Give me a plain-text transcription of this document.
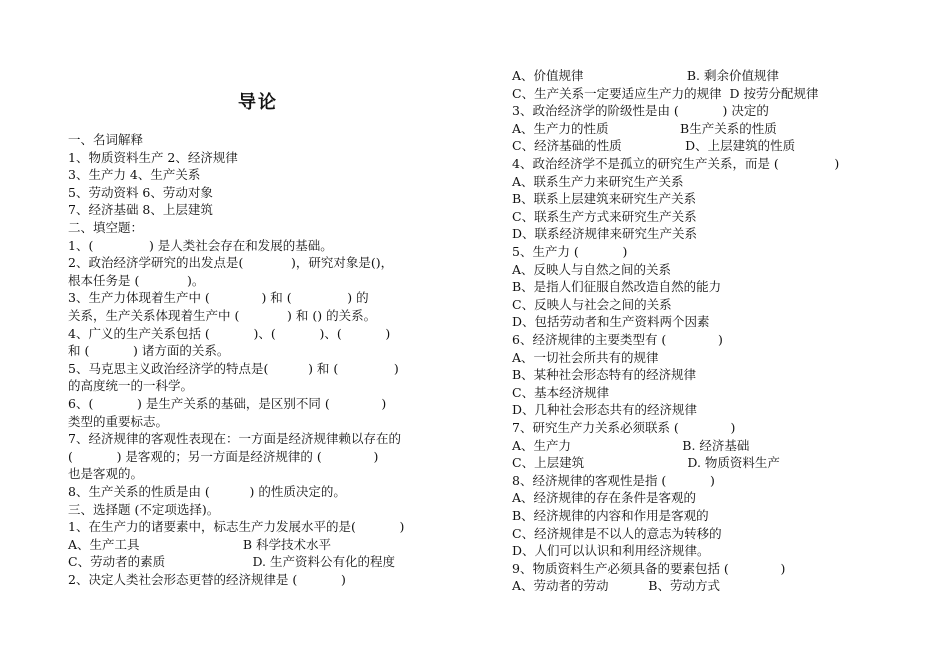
导论
一、名词解释
1、物质资料生产 2、经济规律
3、生产力 4、生产关系
5、劳动资料 6、劳动对象
7、经济基础 8、上层建筑
二、填空题：
1、(              ) 是人类社会存在和发展的基础。
2、政治经济学研究的出发点是(            )，研究对象是()，
根本任务是 (            )。
3、生产力体现着生产中 (             ) 和 (              ) 的
关系，生产关系体现着生产中 (            ) 和 () 的关系。
4、广义的生产关系包括 (           )、(           )、(           )
和 (           ) 诸方面的关系。
5、马克思主义政治经济学的特点是(          ) 和 (              )
的高度统一的一科学。
6、(           ) 是生产关系的基础，是区别不同 (             )
类型的重要标志。
7、经济规律的客观性表现在：一方面是经济规律赖以存在的
(           ) 是客观的；另一方面是经济规律的 (             )
也是客观的。
8、生产关系的性质是由 (          ) 的性质决定的。
三、选择题 (不定项选择)。
1、在生产力的诸要素中，标志生产力发展水平的是(           )
A、生产工具                          B 科学技术水平
C、劳动者的素质                      D. 生产资料公有化的程度
2、决定人类社会形态更替的经济规律是 (           )
A、价值规律                          B. 剩余价值规律
C、生产关系一定要适应生产力的规律  D 按劳分配规律
3、政治经济学的阶级性是由 (           ) 决定的
A、生产力的性质                  B生产关系的性质
C、经济基础的性质                D、上层建筑的性质
4、政治经济学不是孤立的研究生产关系，而是 (              )
A、联系生产力来研究生产关系
B、联系上层建筑来研究生产关系
C、联系生产方式来研究生产关系
D、联系经济规律来研究生产关系
5、生产力 (           )
A、反映人与自然之间的关系
B、是指人们征服自然改造自然的能力
C、反映人与社会之间的关系
D、包括劳动者和生产资料两个因素
6、经济规律的主要类型有 (             )
A、一切社会所共有的规律
B、某种社会形态特有的经济规律
C、基本经济规律
D、几种社会形态共有的经济规律
7、研究生产力关系必须联系 (             )
A、生产力                            B. 经济基础
C、上层建筑                          D. 物质资料生产
8、经济规律的客观性是指 (           )
A、经济规律的存在条件是客观的
B、经济规律的内容和作用是客观的
C、经济规律是不以人的意志为转移的
D、人们可以认识和利用经济规律。
9、物质资料生产必须具备的要素包括 (             )
A、劳动者的劳动          B、劳动方式
